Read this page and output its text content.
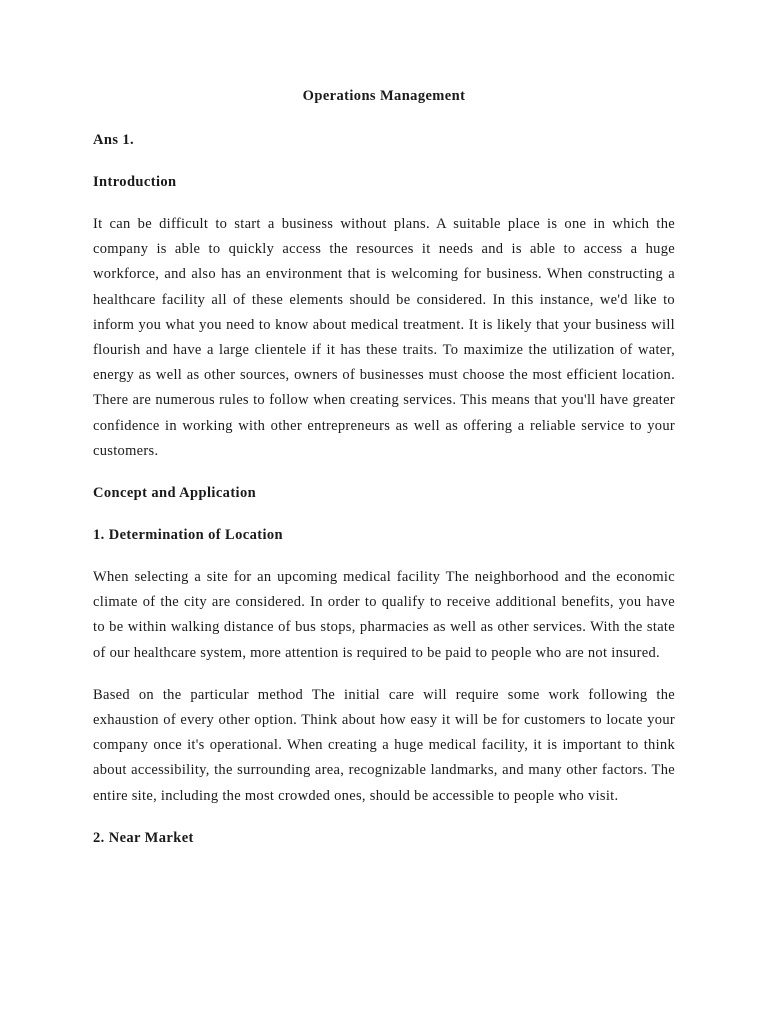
Operations Management
Ans 1.
Introduction

It can be difficult to start a business without plans. A suitable place is one in which the company is able to quickly access the resources it needs and is able to access a huge workforce, and also has an environment that is welcoming for business. When constructing a healthcare facility all of these elements should be considered. In this instance, we'd like to inform you what you need to know about medical treatment. It is likely that your business will flourish and have a large clientele if it has these traits. To maximize the utilization of water, energy as well as other sources, owners of businesses must choose the most efficient location. There are numerous rules to follow when creating services. This means that you'll have greater confidence in working with other entrepreneurs as well as offering a reliable service to your customers.

Concept and Application
1. Determination of Location

When selecting a site for an upcoming medical facility The neighborhood and the economic climate of the city are considered. In order to qualify to receive additional benefits, you have to be within walking distance of bus stops, pharmacies as well as other services. With the state of our healthcare system, more attention is required to be paid to people who are not insured.

Based on the particular method The initial care will require some work following the exhaustion of every other option. Think about how easy it will be for customers to locate your company once it's operational. When creating a huge medical facility, it is important to think about accessibility, the surrounding area, recognizable landmarks, and many other factors. The entire site, including the most crowded ones, should be accessible to people who visit.

2. Near Market
